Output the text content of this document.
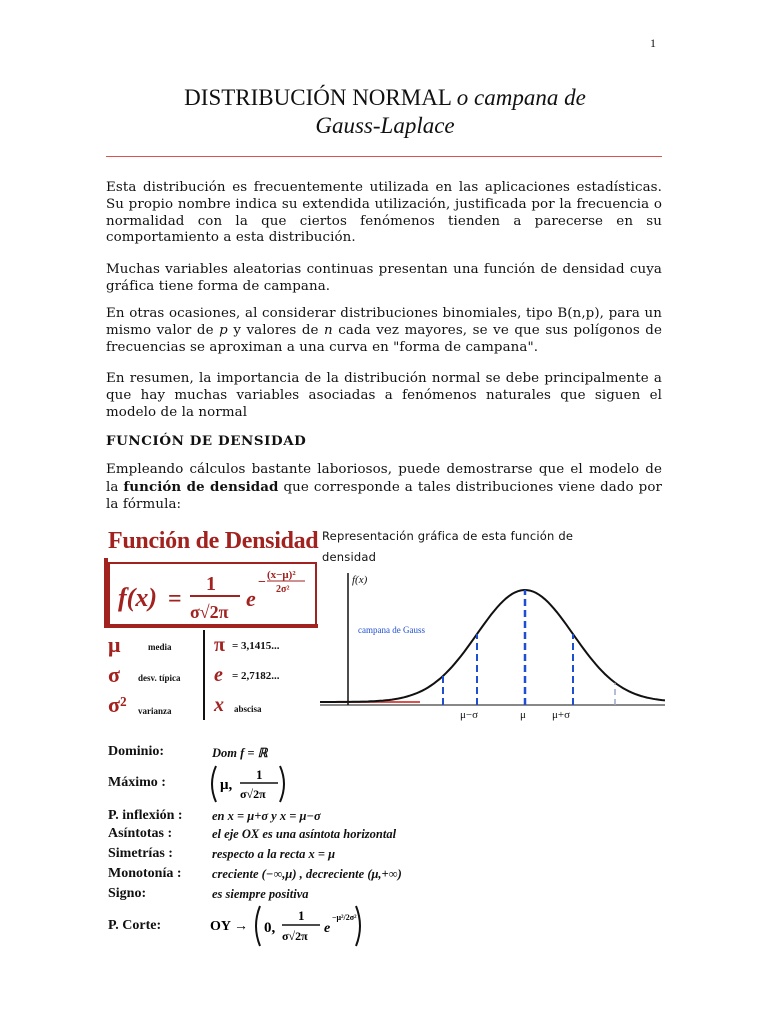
1
DISTRIBUCIÓN NORMAL o campana de
Gauss-Laplace
Esta distribución es frecuentemente utilizada en las aplicaciones estadísticas. Su propio nombre indica su extendida utilización, justificada por la frecuencia o normalidad con la que ciertos fenómenos tienden a parecerse en su comportamiento a esta distribución.
Muchas variables aleatorias continuas presentan una función de densidad cuya gráfica tiene forma de campana.
En otras ocasiones, al considerar distribuciones binomiales, tipo B(n,p), para un mismo valor de p y valores de n cada vez mayores, se ve que sus polígonos de frecuencias se aproximan a una curva en "forma de campana".
En resumen, la importancia de la distribución normal se debe principalmente a que hay muchas variables asociadas a fenómenos naturales que siguen el modelo de la normal
FUNCIÓN DE DENSIDAD
Empleando cálculos bastante laboriosos, puede demostrarse que el modelo de la función de densidad que corresponde a tales distribuciones viene dado por la fórmula:
Función de Densidad
f(x) =
1
σ√2π
e
− (x−μ)²
2σ²
μ	media
σ desv. típica
σ² varianza
π = 3,1415...
e = 2,7182...
x abscisa
Representación gráfica de esta función de densidad
f(x)
campana de Gauss
μ−σ	μ μ+σ
Dominio:	Dom f = ℝ
Máximo :	μ,
1
σ√2π
P. inflexión : en x = μ+σ y x = μ−σ
Asíntotas :	el eje OX es una asíntota horizontal
Simetrías :	respecto a la recta x = μ
Monotonía : creciente (−∞,μ) , decreciente (μ,+∞)
Signo:	es siempre positiva
P. Corte:	OY → 0,
1
σ√2π e
−μ²/2σ²
